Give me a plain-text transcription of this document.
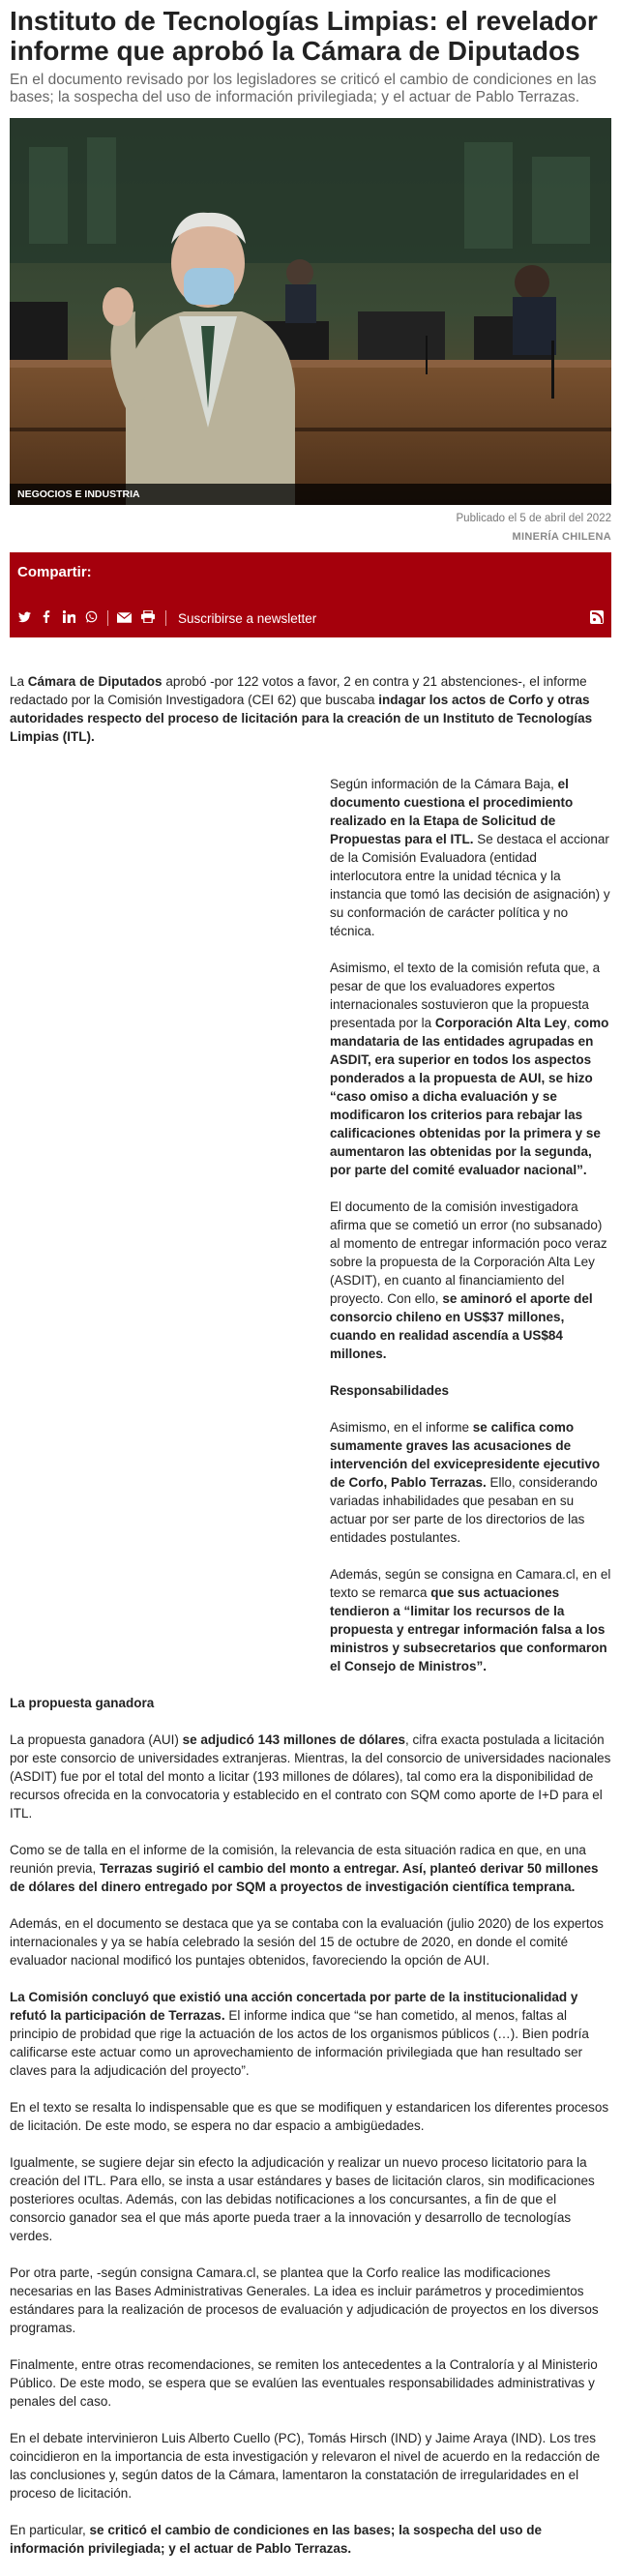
Instituto de Tecnologías Limpias: el revelador informe que aprobó la Cámara de Diputados

En el documento revisado por los legisladores se criticó el cambio de condiciones en las bases; la sospecha del uso de información privilegiada; y el actuar de Pablo Terrazas.

NEGOCIOS E INDUSTRIA

Publicado el 5 de abril del 2022

MINERÍA CHILENA

Compartir:
Suscribirse a newsletter

La Cámara de Diputados aprobó -por 122 votos a favor, 2 en contra y 21 abstenciones-, el informe redactado por la Comisión Investigadora (CEI 62) que buscaba indagar los actos de Corfo y otras autoridades respecto del proceso de licitación para la creación de un Instituto de Tecnologías Limpias (ITL).

Según información de la Cámara Baja, el documento cuestiona el procedimiento realizado en la Etapa de Solicitud de Propuestas para el ITL. Se destaca el accionar de la Comisión Evaluadora (entidad interlocutora entre la unidad técnica y la instancia que tomó las decisión de asignación) y su conformación de carácter política y no técnica.

Asimismo, el texto de la comisión refuta que, a pesar de que los evaluadores expertos internacionales sostuvieron que la propuesta presentada por la Corporación Alta Ley, como mandataria de las entidades agrupadas en ASDIT, era superior en todos los aspectos ponderados a la propuesta de AUI, se hizo “caso omiso a dicha evaluación y se modificaron los criterios para rebajar las calificaciones obtenidas por la primera y se aumentaron las obtenidas por la segunda, por parte del comité evaluador nacional”.

El documento de la comisión investigadora afirma que se cometió un error (no subsanado) al momento de entregar información poco veraz sobre la propuesta de la Corporación Alta Ley (ASDIT), en cuanto al financiamiento del proyecto. Con ello, se aminoró el aporte del consorcio chileno en US$37 millones, cuando en realidad ascendía a US$84 millones.

Responsabilidades

Asimismo, en el informe se califica como sumamente graves las acusaciones de intervención del exvicepresidente ejecutivo de Corfo, Pablo Terrazas. Ello, considerando variadas inhabilidades que pesaban en su actuar por ser parte de los directorios de las entidades postulantes.

Además, según se consigna en Camara.cl, en el texto se remarca que sus actuaciones tendieron a “limitar los recursos de la propuesta y entregar información falsa a los ministros y subsecretarios que conformaron el Consejo de Ministros”.

La propuesta ganadora

La propuesta ganadora (AUI) se adjudicó 143 millones de dólares, cifra exacta postulada a licitación por este consorcio de universidades extranjeras. Mientras, la del consorcio de universidades nacionales (ASDIT) fue por el total del monto a licitar (193 millones de dólares), tal como era la disponibilidad de recursos ofrecida en la convocatoria y establecido en el contrato con SQM como aporte de I+D para el ITL.

Como se de talla en el informe de la comisión, la relevancia de esta situación radica en que, en una reunión previa, Terrazas sugirió el cambio del monto a entregar. Así, planteó derivar 50 millones de dólares del dinero entregado por SQM a proyectos de investigación científica temprana.

Además, en el documento se destaca que ya se contaba con la evaluación (julio 2020) de los expertos internacionales y ya se había celebrado la sesión del 15 de octubre de 2020, en donde el comité evaluador nacional modificó los puntajes obtenidos, favoreciendo la opción de AUI.

La Comisión concluyó que existió una acción concertada por parte de la institucionalidad y refutó la participación de Terrazas. El informe indica que “se han cometido, al menos, faltas al principio de probidad que rige la actuación de los actos de los organismos públicos (…). Bien podría calificarse este actuar como un aprovechamiento de información privilegiada que han resultado ser claves para la adjudicación del proyecto”.

En el texto se resalta lo indispensable que es que se modifiquen y estandaricen los diferentes procesos de licitación. De este modo, se espera no dar espacio a ambigüedades.

Igualmente, se sugiere dejar sin efecto la adjudicación y realizar un nuevo proceso licitatorio para la creación del ITL. Para ello, se insta a usar estándares y bases de licitación claros, sin modificaciones posteriores ocultas. Además, con las debidas notificaciones a los concursantes, a fin de que el consorcio ganador sea el que más aporte pueda traer a la innovación y desarrollo de tecnologías verdes.

Por otra parte, -según consigna Camara.cl, se plantea que la Corfo realice las modificaciones necesarias en las Bases Administrativas Generales. La idea es incluir parámetros y procedimientos estándares para la realización de procesos de evaluación y adjudicación de proyectos en los diversos programas.

Finalmente, entre otras recomendaciones, se remiten los antecedentes a la Contraloría y al Ministerio Público. De este modo, se espera que se evalúen las eventuales responsabilidades administrativas y penales del caso.

En el debate intervinieron Luis Alberto Cuello (PC), Tomás Hirsch (IND) y Jaime Araya (IND). Los tres coincidieron en la importancia de esta investigación y relevaron el nivel de acuerdo en la redacción de las conclusiones y, según datos de la Cámara, lamentaron la constatación de irregularidades en el proceso de licitación.

En particular, se criticó el cambio de condiciones en las bases; la sospecha del uso de información privilegiada; y el actuar de Pablo Terrazas.
